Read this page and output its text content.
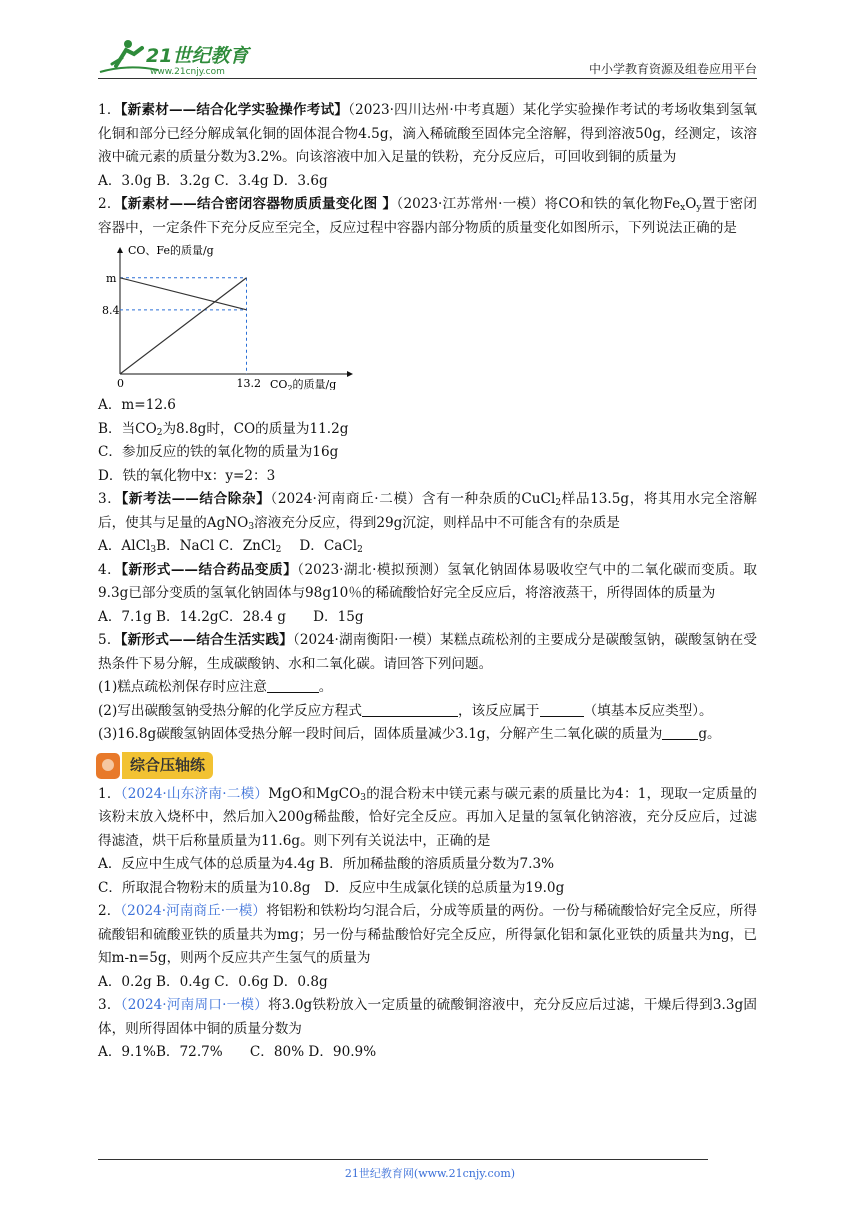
21世纪教育
www.21cnjy.com	中小学教育资源及组卷应用平台

1．【新素材——结合化学实验操作考试】（2023·四川达州·中考真题）某化学实验操作考试的考场收集到氢氧化铜和部分已经分解成氧化铜的固体混合物4.5g，滴入稀硫酸至固体完全溶解，得到溶液50g，经测定，该溶液中硫元素的质量分数为3.2%。向该溶液中加入足量的铁粉，充分反应后，可回收到铜的质量为

A．3.0g B．3.2g C．3.4g D．3.6g

2．【新素材——结合密闭容器物质质量变化图 】（2023·江苏常州·一模）将CO和铁的氧化物$Fe_xO_y$置于密闭容器中，一定条件下充分反应至完全，反应过程中容器内部分物质的质量变化如图所示，下列说法正确的是

CO、Fe的质量/g
$CO_2$的质量/g
0	13.2
8.4
m

A．m=12.6

B．当$CO_2$为8.8g时，CO的质量为11.2g

C．参加反应的铁的氧化物的质量为16g

D．铁的氧化物中x：y=2：3

3．【新考法——结合除杂】（2024·河南商丘·二模）含有一种杂质的CuCl$_2$样品13.5g，将其用水完全溶解后，使其与足量的AgNO$_3$溶液充分反应，得到29g沉淀，则样品中不可能含有的杂质是

A．AlCl$_3$B．NaCl C．ZnCl$_2$　 D．CaCl$_2$

4．【新形式——结合药品变质】（2023·湖北·模拟预测）氢氧化钠固体易吸收空气中的二氧化碳而变质。取9.3g已部分变质的氢氧化钠固体与98g10％的稀硫酸恰好完全反应后，将溶液蒸干，所得固体的质量为

A．7.1g B．14.2gC．28.4 g　　D．15g

5．【新形式——结合生活实践】（2024·湖南衡阳·一模）某糕点疏松剂的主要成分是碳酸氢钠，碳酸氢钠在受热条件下易分解，生成碳酸钠、水和二氧化碳。请回答下列问题。

(1)糕点疏松剂保存时应注意	。

(2)写出碳酸氢钠受热分解的化学反应方程式	，该反应属于	（填基本反应类型）。

(3)16.8g碳酸氢钠固体受热分解一段时间后，固体质量减少3.1g，分解产生二氧化碳的质量为	g。

综合压轴练

1．（2024·山东济南·二模）MgO和MgCO$_3$的混合粉末中镁元素与碳元素的质量比为4：1，现取一定质量的该粉末放入烧杯中，然后加入200g稀盐酸，恰好完全反应。再加入足量的氢氧化钠溶液，充分反应后，过滤得滤渣，烘干后称量质量为11.6g。则下列有关说法中，正确的是

A．反应中生成气体的总质量为4.4g B．所加稀盐酸的溶质质量分数为7.3%

C．所取混合物粉末的质量为10.8g　D．反应中生成氯化镁的总质量为19.0g

2．（2024·河南商丘·一模）将铝粉和铁粉均匀混合后，分成等质量的两份。一份与稀硫酸恰好完全反应，所得硫酸铝和硫酸亚铁的质量共为mg；另一份与稀盐酸恰好完全反应，所得氯化铝和氯化亚铁的质量共为ng，已知m-n=5g，则两个反应共产生氢气的质量为

A．0.2g B．0.4g C．0.6g D．0.8g

3．（2024·河南周口·一模）将3.0g铁粉放入一定质量的硫酸铜溶液中，充分反应后过滤，干燥后得到3.3g固体，则所得固体中铜的质量分数为

A．9.1%B．72.7%　　C．80% D．90.9%

21世纪教育网(www.21cnjy.com)
